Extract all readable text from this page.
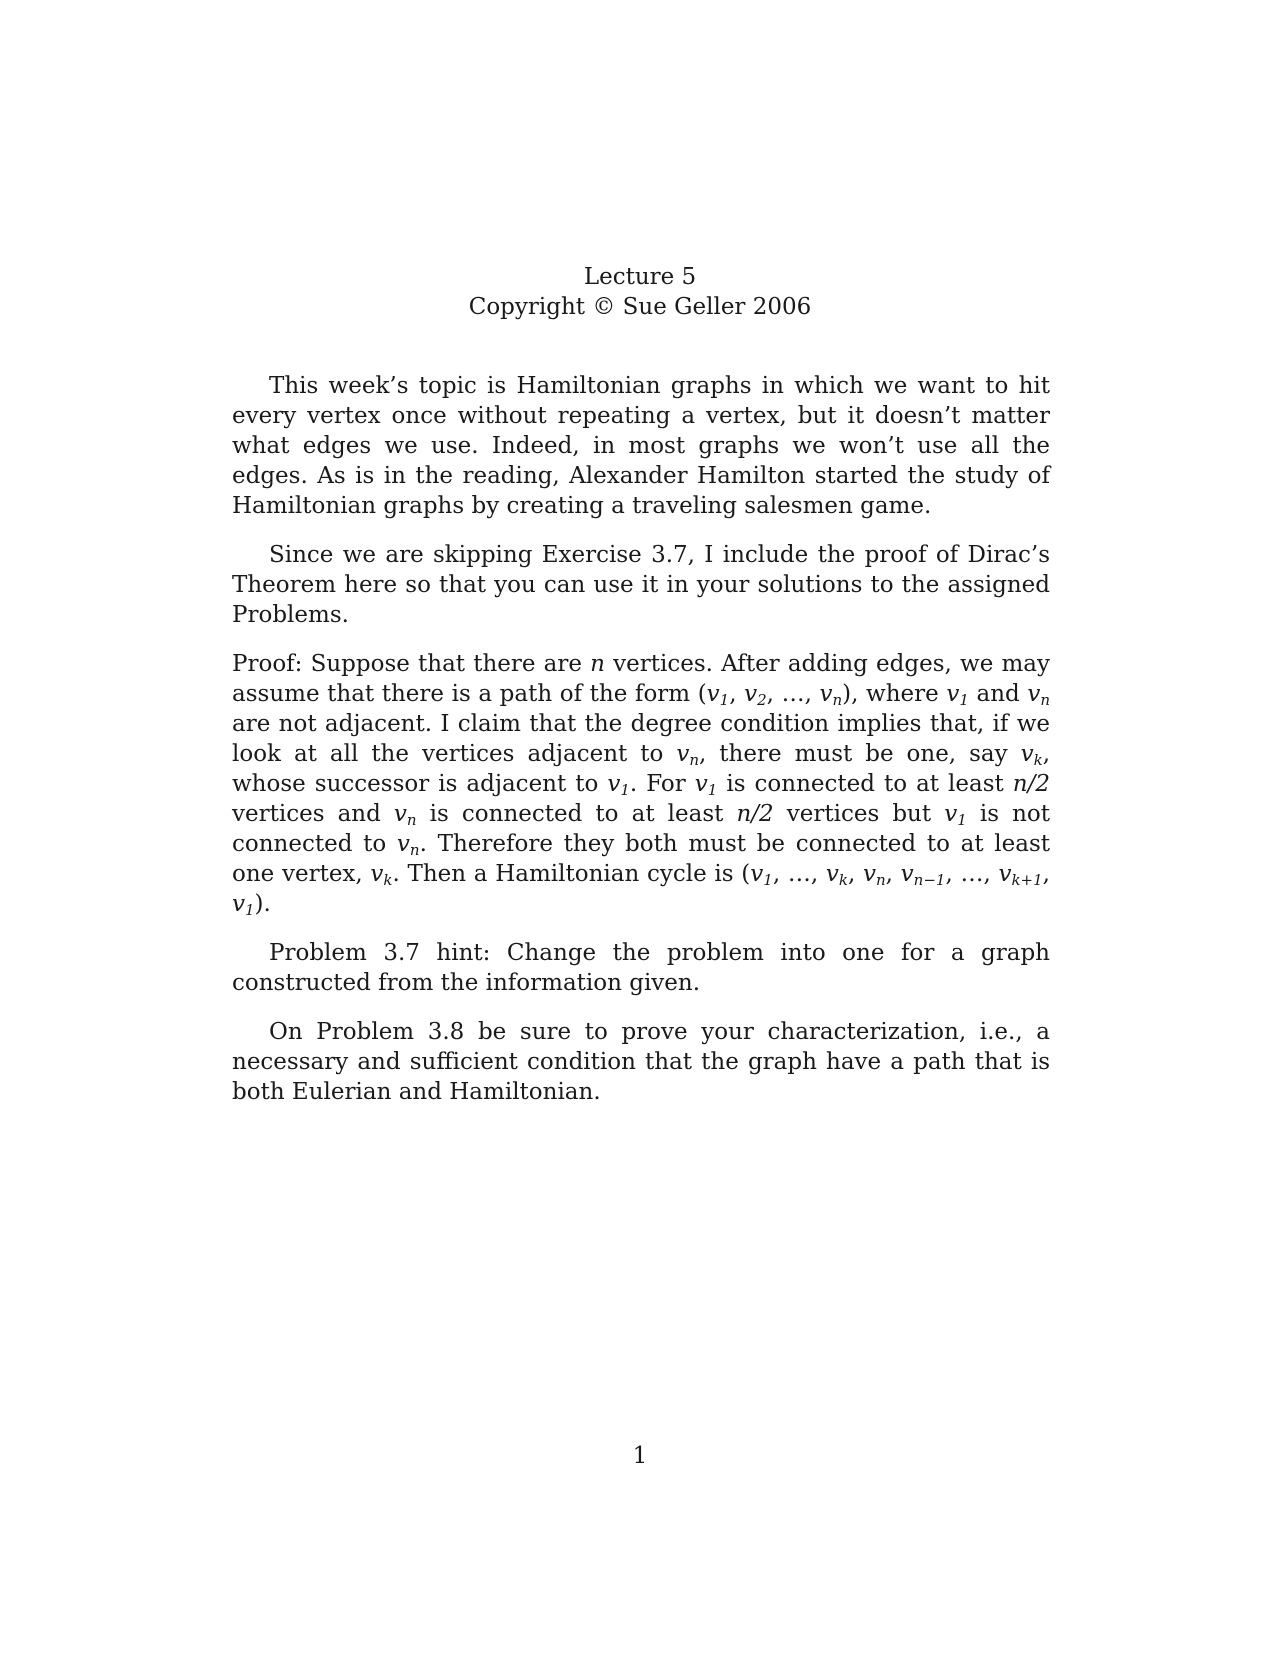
Lecture 5
Copyright © Sue Geller 2006

This week’s topic is Hamiltonian graphs in which we want to hit every vertex once without repeating a vertex, but it doesn’t matter what edges we use. Indeed, in most graphs we won’t use all the edges. As is in the reading, Alexander Hamilton started the study of Hamiltonian graphs by creating a traveling salesmen game.

Since we are skipping Exercise 3.7, I include the proof of Dirac’s Theorem here so that you can use it in your solutions to the assigned Problems.

Proof: Suppose that there are n vertices. After adding edges, we may assume that there is a path of the form ($v_1$, $v_2$, …, $v_n$), where $v_1$ and $v_n$ are not adjacent. I claim that the degree condition implies that, if we look at all the vertices adjacent to $v_n$, there must be one, say $v_k$, whose successor is adjacent to $v_1$. For $v_1$ is connected to at least n/2 vertices and $v_n$ is connected to at least n/2 vertices but $v_1$ is not connected to $v_n$. Therefore they both must be connected to at least one vertex, $v_k$. Then a Hamiltonian cycle is ($v_1$, …, $v_k$, $v_n$, $v_{n-1}$, …, $v_{k+1}$, $v_1$).

Problem 3.7 hint: Change the problem into one for a graph constructed from the information given.

On Problem 3.8 be sure to prove your characterization, i.e., a necessary and sufficient condition that the graph have a path that is both Eulerian and Hamiltonian.

1
